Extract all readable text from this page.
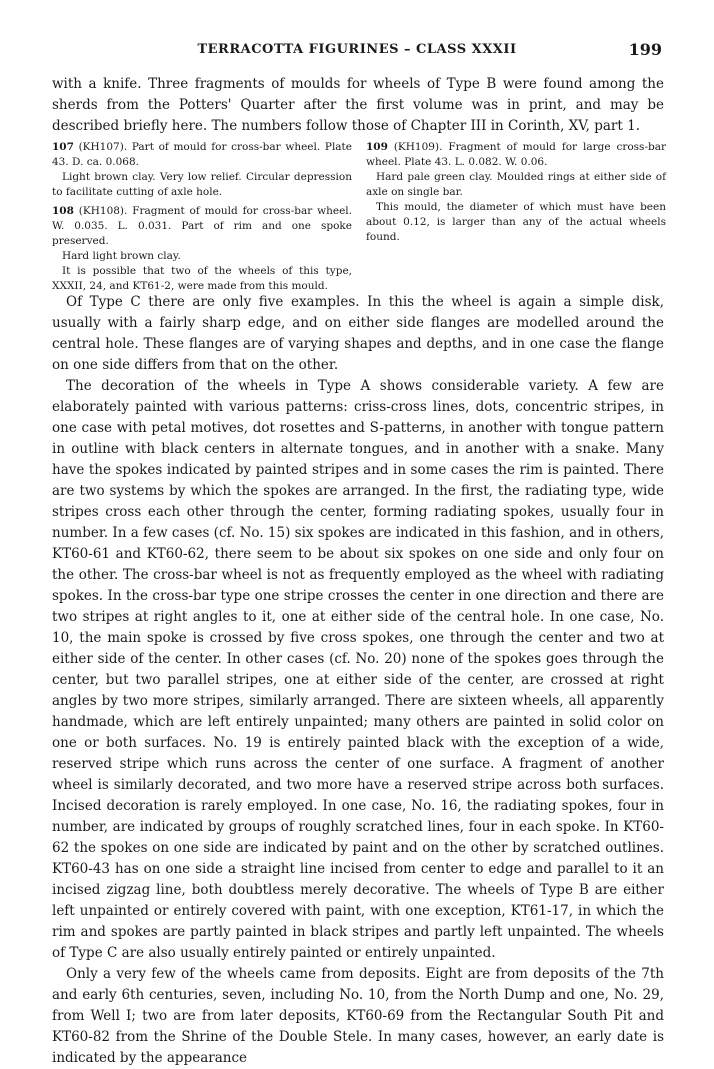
TERRACOTTA FIGURINES – CLASS XXXII	199

with a knife. Three fragments of moulds for wheels of Type B were found among the sherds from the Potters' Quarter after the first volume was in print, and may be described briefly here. The numbers follow those of Chapter III in Corinth, XV, part 1.

107 (KH107). Part of mould for cross-bar wheel. Plate 43. D. ca. 0.068.

Light brown clay. Very low relief. Circular depression to facilitate cutting of axle hole.

108 (KH108). Fragment of mould for cross-bar wheel. W. 0.035. L. 0.031. Part of rim and one spoke preserved.

Hard light brown clay.

It is possible that two of the wheels of this type, XXXII, 24, and KT61-2, were made from this mould.

109 (KH109). Fragment of mould for large cross-bar wheel. Plate 43. L. 0.082. W. 0.06.

Hard pale green clay. Moulded rings at either side of axle on single bar.

This mould, the diameter of which must have been about 0.12, is larger than any of the actual wheels found.

Of Type C there are only five examples. In this the wheel is again a simple disk, usually with a fairly sharp edge, and on either side flanges are modelled around the central hole. These flanges are of varying shapes and depths, and in one case the flange on one side differs from that on the other.

The decoration of the wheels in Type A shows considerable variety. A few are elaborately painted with various patterns: criss-cross lines, dots, concentric stripes, in one case with petal motives, dot rosettes and S-patterns, in another with tongue pattern in outline with black centers in alternate tongues, and in another with a snake. Many have the spokes indicated by painted stripes and in some cases the rim is painted. There are two systems by which the spokes are arranged. In the first, the radiating type, wide stripes cross each other through the center, forming radiating spokes, usually four in number. In a few cases (cf. No. 15) six spokes are indicated in this fashion, and in others, KT60-61 and KT60-62, there seem to be about six spokes on one side and only four on the other. The cross-bar wheel is not as frequently employed as the wheel with radiating spokes. In the cross-bar type one stripe crosses the center in one direction and there are two stripes at right angles to it, one at either side of the central hole. In one case, No. 10, the main spoke is crossed by five cross spokes, one through the center and two at either side of the center. In other cases (cf. No. 20) none of the spokes goes through the center, but two parallel stripes, one at either side of the center, are crossed at right angles by two more stripes, similarly arranged. There are sixteen wheels, all apparently handmade, which are left entirely unpainted; many others are painted in solid color on one or both surfaces. No. 19 is entirely painted black with the exception of a wide, reserved stripe which runs across the center of one surface. A fragment of another wheel is similarly decorated, and two more have a reserved stripe across both surfaces. Incised decoration is rarely employed. In one case, No. 16, the radiating spokes, four in number, are indicated by groups of roughly scratched lines, four in each spoke. In KT60-62 the spokes on one side are indicated by paint and on the other by scratched outlines. KT60-43 has on one side a straight line incised from center to edge and parallel to it an incised zigzag line, both doubtless merely decorative. The wheels of Type B are either left unpainted or entirely covered with paint, with one exception, KT61-17, in which the rim and spokes are partly painted in black stripes and partly left unpainted. The wheels of Type C are also usually entirely painted or entirely unpainted.

Only a very few of the wheels came from deposits. Eight are from deposits of the 7th and early 6th centuries, seven, including No. 10, from the North Dump and one, No. 29, from Well I; two are from later deposits, KT60-69 from the Rectangular South Pit and KT60-82 from the Shrine of the Double Stele. In many cases, however, an early date is indicated by the appearance
